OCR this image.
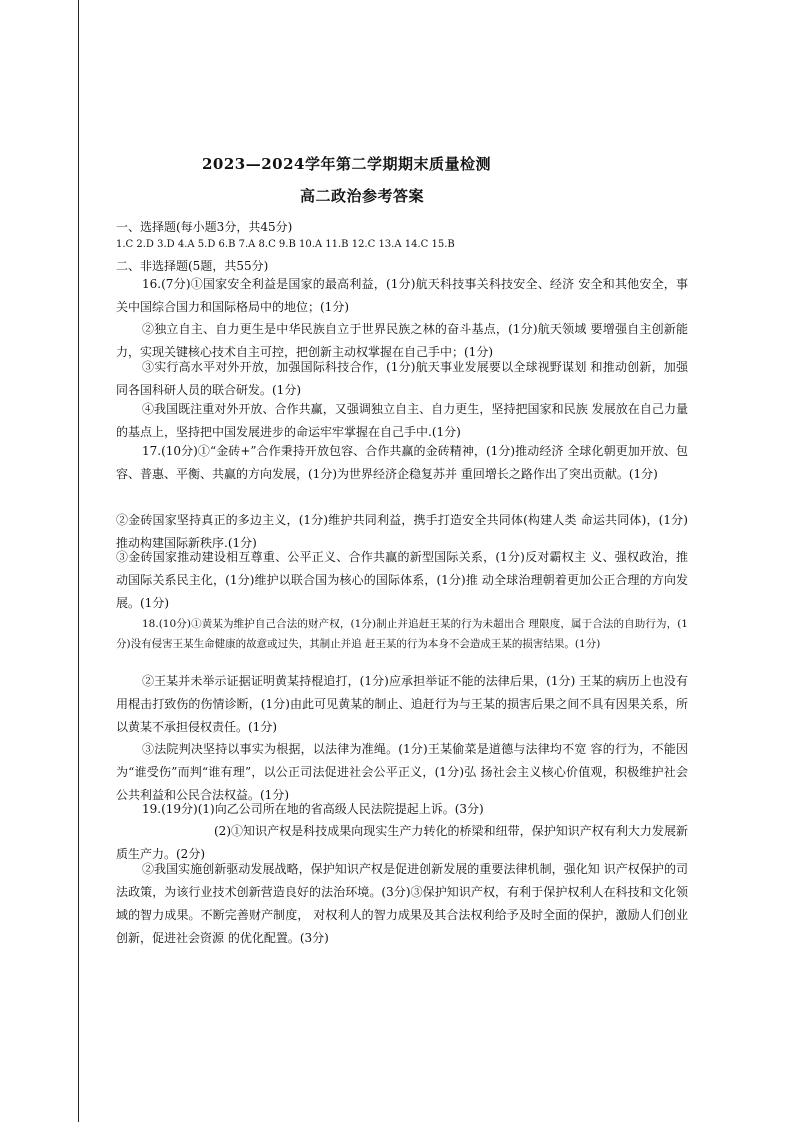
2023—2024学年第二学期期末质量检测
高二政治参考答案
一、选择题(每小题3分，共45分)
1.C 2.D 3.D 4.A 5.D 6.B 7.A 8.C 9.B 10.A 11.B 12.C 13.A 14.C 15.B
二、非选择题(5题，共55分)
16.(7分)①国家安全利益是国家的最高利益，(1分)航天科技事关科技安全、经济 安全和其他安全，事关中国综合国力和国际格局中的地位；(1分)
②独立自主、自力更生是中华民族自立于世界民族之林的奋斗基点，(1分)航天领域 要增强自主创新能力，实现关键核心技术自主可控，把创新主动权掌握在自己手中；(1分)
③实行高水平对外开放，加强国际科技合作，(1分)航天事业发展要以全球视野谋划 和推动创新，加强同各国科研人员的联合研发。(1分)
④我国既注重对外开放、合作共赢，又强调独立自主、自力更生，坚持把国家和民族 发展放在自己力量的基点上，坚持把中国发展进步的命运牢牢掌握在自己手中.(1分)
17.(10分)①“金砖+”合作秉持开放包容、合作共赢的金砖精神，(1分)推动经济 全球化朝更加开放、包容、普惠、平衡、共赢的方向发展，(1分)为世界经济企稳复苏并 重回增长之路作出了突出贡献。(1分)
②金砖国家坚持真正的多边主义，(1分)维护共同利益，携手打造安全共同体(构建人类 命运共同体)，(1分)推动构建国际新秩序.(1分)
③金砖国家推动建设相互尊重、公平正义、合作共赢的新型国际关系，(1分)反对霸权主 义、强权政治，推动国际关系民主化，(1分)维护以联合国为核心的国际体系，(1分)推 动全球治理朝着更加公正合理的方向发展。(1分)
18.(10分)①黄某为维护自己合法的财产权，(1分)制止并追赶王某的行为未超出合 理限度，属于合法的自助行为，(1分)没有侵害王某生命健康的故意或过失，其制止并追 赶王某的行为本身不会造成王某的损害结果。(1分)
②王某并未举示证据证明黄某持棍追打，(1分)应承担举证不能的法律后果，(1分) 王某的病历上也没有用棍击打致伤的伤情诊断，(1分)由此可见黄某的制止、追赶行为与王某的损害后果之间不具有因果关系，所以黄某不承担侵权责任。(1分)
③法院判决坚持以事实为根据，以法律为准绳。(1分)王某偷菜是道德与法律均不宽 容的行为，不能因为“谁受伤”而判“谁有理”，以公正司法促进社会公平正义，(1分)弘 扬社会主义核心价值观，积极维护社会公共利益和公民合法权益。(1分)
19.(19分)(1)向乙公司所在地的省高级人民法院提起上诉。(3分)
(2)①知识产权是科技成果向现实生产力转化的桥梁和纽带，保护知识产权有利大力发展新质生产力。(2分)
②我国实施创新驱动发展战略，保护知识产权是促进创新发展的重要法律机制，强化知 识产权保护的司法政策，为该行业技术创新营造良好的法治环境。(3分)③保护知识产权，有利于保护权利人在科技和文化领域的智力成果。不断完善财产制度， 对权利人的智力成果及其合法权利给予及时全面的保护，激励人们创业创新，促进社会资源 的优化配置。(3分)
